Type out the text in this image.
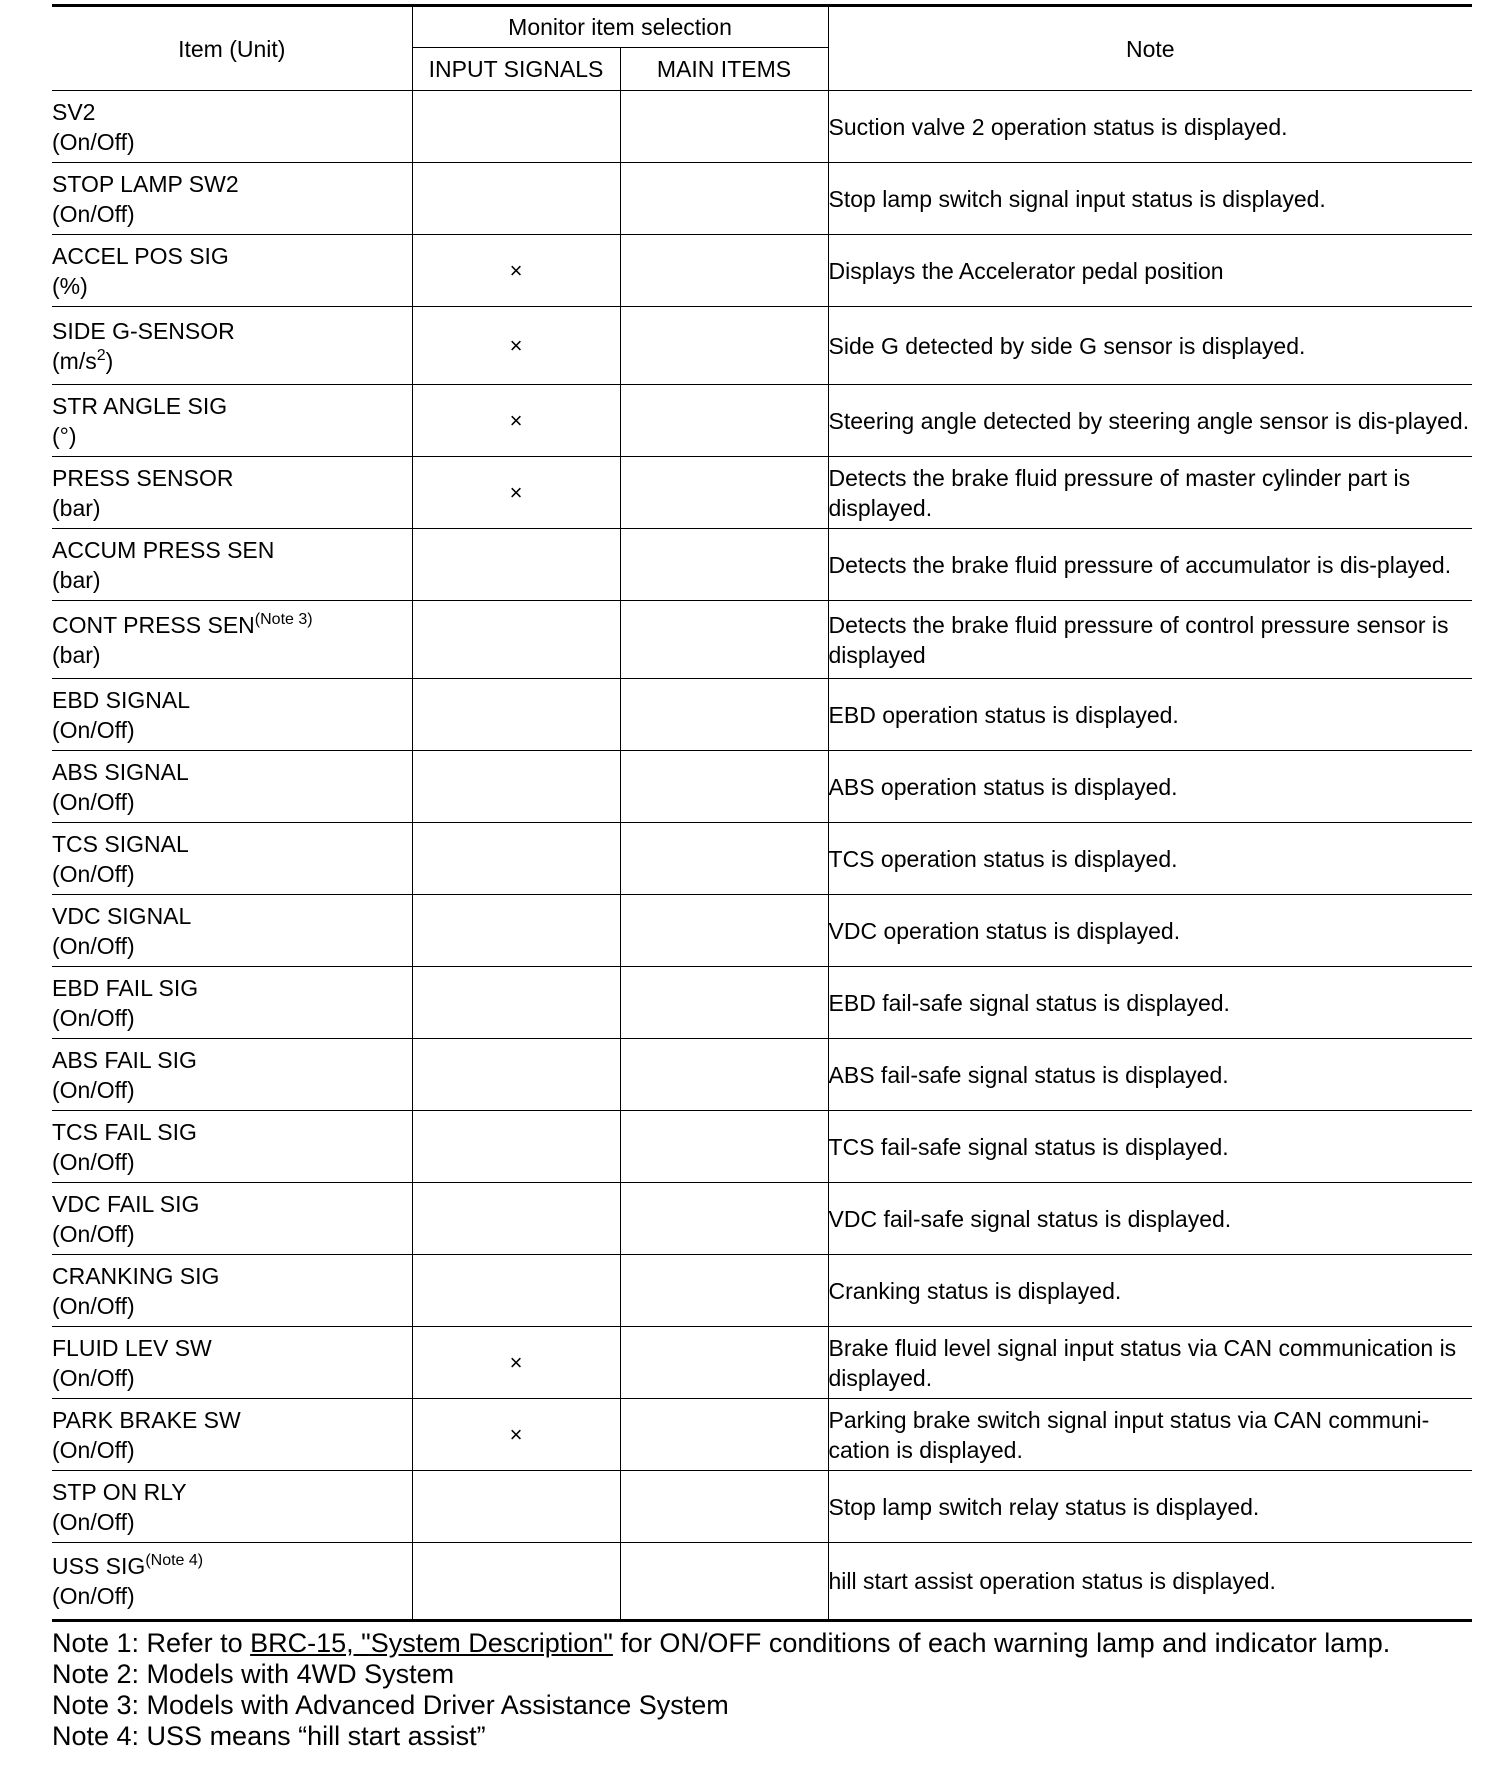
Item (Unit)	Monitor item selection		Note
	INPUT SIGNALS	MAIN ITEMS	
SV2
(On/Off)			Suction valve 2 operation status is displayed.
STOP LAMP SW2
(On/Off)			Stop lamp switch signal input status is displayed.
ACCEL POS SIG
(%)	×		Displays the Accelerator pedal position
SIDE G-SENSOR
$(m/s^2)$	×		Side G detected by side G sensor is displayed.
STR ANGLE SIG
(°)	×		Steering angle detected by steering angle sensor is dis-played.
PRESS SENSOR
(bar)	×		Detects the brake fluid pressure of master cylinder part is displayed.
ACCUM PRESS SEN
(bar)			Detects the brake fluid pressure of accumulator is dis-played.
CONT PRESS $SEN^{(Note 3)}$
(bar)			Detects the brake fluid pressure of control pressure sensor is displayed
EBD SIGNAL
(On/Off)			EBD operation status is displayed.
ABS SIGNAL
(On/Off)			ABS operation status is displayed.
TCS SIGNAL
(On/Off)			TCS operation status is displayed.
VDC SIGNAL
(On/Off)			VDC operation status is displayed.
EBD FAIL SIG
(On/Off)			EBD fail-safe signal status is displayed.
ABS FAIL SIG
(On/Off)			ABS fail-safe signal status is displayed.
TCS FAIL SIG
(On/Off)			TCS fail-safe signal status is displayed.
VDC FAIL SIG
(On/Off)			VDC fail-safe signal status is displayed.
CRANKING SIG
(On/Off)			Cranking status is displayed.
FLUID LEV SW
(On/Off)	×		Brake fluid level signal input status via CAN communication is displayed.
PARK BRAKE SW
(On/Off)	×		Parking brake switch signal input status via CAN communi-cation is displayed.
STP ON RLY
(On/Off)			Stop lamp switch relay status is displayed.
USS $SIG^{(Note 4)}$
(On/Off)			hill start assist operation status is displayed.
Note 1: Refer to BRC-15, "System Description" for ON/OFF conditions of each warning lamp and indicator lamp.
Note 2: Models with 4WD System
Note 3: Models with Advanced Driver Assistance System
Note 4: USS means “hill start assist”
